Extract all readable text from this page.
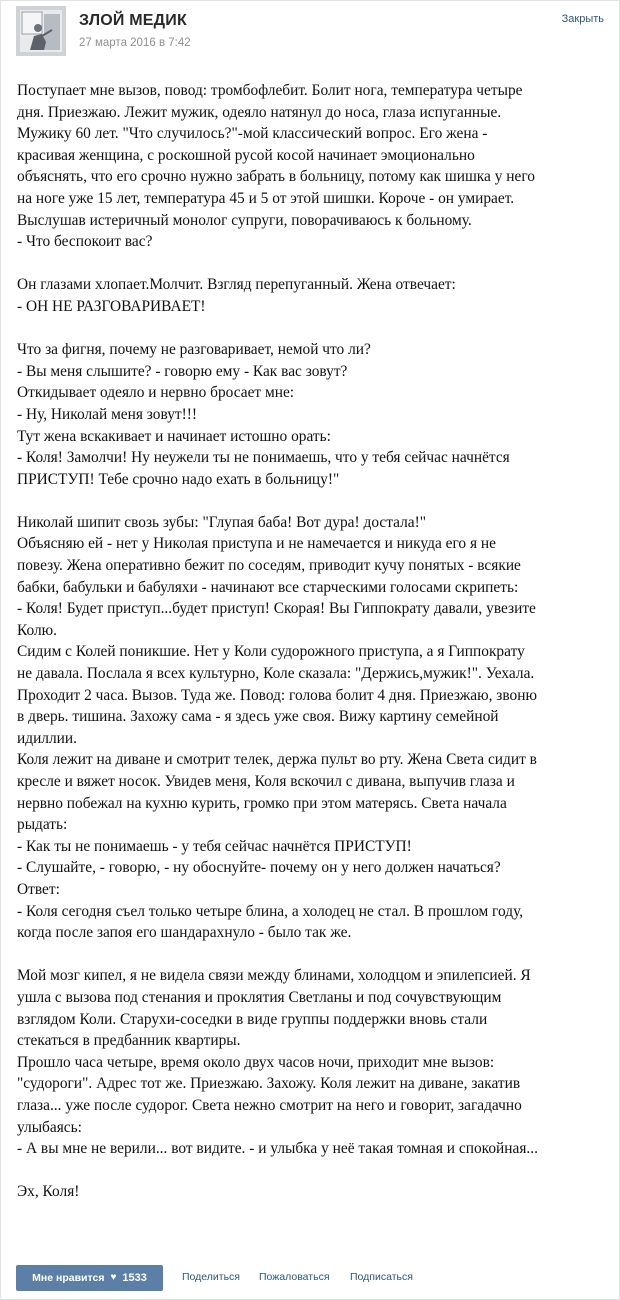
ЗЛОЙ МЕДИК
27 марта 2016 в 7:42
Закрыть
Поступает мне вызов, повод: тромбофлебит. Болит нога, температура четыре
дня. Приезжаю. Лежит мужик, одеяло натянул до носа, глаза испуганные.
Мужику 60 лет. "Что случилось?"-мой классический вопрос. Его жена -
красивая женщина, с роскошной русой косой начинает эмоционально
объяснять, что его срочно нужно забрать в больницу, потому как шишка у него
на ноге уже 15 лет, температура 45 и 5 от этой шишки. Короче - он умирает.
Выслушав истеричный монолог супруги, поворачиваюсь к больному.
- Что беспокоит вас?
Он глазами хлопает.Молчит. Взгляд перепуганный. Жена отвечает:
- ОН НЕ РАЗГОВАРИВАЕТ!
Что за фигня, почему не разговаривает, немой что ли?
- Вы меня слышите? - говорю ему - Как вас зовут?
Откидывает одеяло и нервно бросает мне:
- Ну, Николай меня зовут!!!
Тут жена вскакивает и начинает истошно орать:
- Коля! Замолчи! Ну неужели ты не понимаешь, что у тебя сейчас начнётся
ПРИСТУП! Тебе срочно надо ехать в больницу!"
Николай шипит свозь зубы: "Глупая баба! Вот дура! достала!"
Объясняю ей - нет у Николая приступа и не намечается и никуда его я не
повезу. Жена оперативно бежит по соседям, приводит кучу понятых - всякие
бабки, бабульки и бабуляхи - начинают все старческими голосами скрипеть:
- Коля! Будет приступ...будет приступ! Скорая! Вы Гиппократу давали, увезите
Колю.
Сидим с Колей поникшие. Нет у Коли судорожного приступа, а я Гиппократу
не давала. Послала я всех культурно, Коле сказала: "Держись,мужик!". Уехала.
Проходит 2 часа. Вызов. Туда же. Повод: голова болит 4 дня. Приезжаю, звоню
в дверь. тишина. Захожу сама - я здесь уже своя. Вижу картину семейной
идиллии.
Коля лежит на диване и смотрит телек, держа пульт во рту. Жена Света сидит в
кресле и вяжет носок. Увидев меня, Коля вскочил с дивана, выпучив глаза и
нервно побежал на кухню курить, громко при этом матерясь. Света начала
рыдать:
- Как ты не понимаешь - у тебя сейчас начнётся ПРИСТУП!
- Слушайте, - говорю, - ну обоснуйте- почему он у него должен начаться?
Ответ:
- Коля сегодня съел только четыре блина, а холодец не стал. В прошлом году,
когда после запоя его шандарахнуло - было так же.
Мой мозг кипел, я не видела связи между блинами, холодцом и эпилепсией. Я
ушла с вызова под стенания и проклятия Светланы и под сочувствующим
взглядом Коли. Старухи-соседки в виде группы поддержки вновь стали
стекаться в предбанник квартиры.
Прошло часа четыре, время около двух часов ночи, приходит мне вызов:
"судороги". Адрес тот же. Приезжаю. Захожу. Коля лежит на диване, закатив
глаза... уже после судорог. Света нежно смотрит на него и говорит, загадачно
улыбаясь:
- А вы мне не верили... вот видите. - и улыбка у неё такая томная и спокойная...
Эх, Коля!
Мне нравится ♥ 1533	Поделиться Пожаловаться Подписаться
